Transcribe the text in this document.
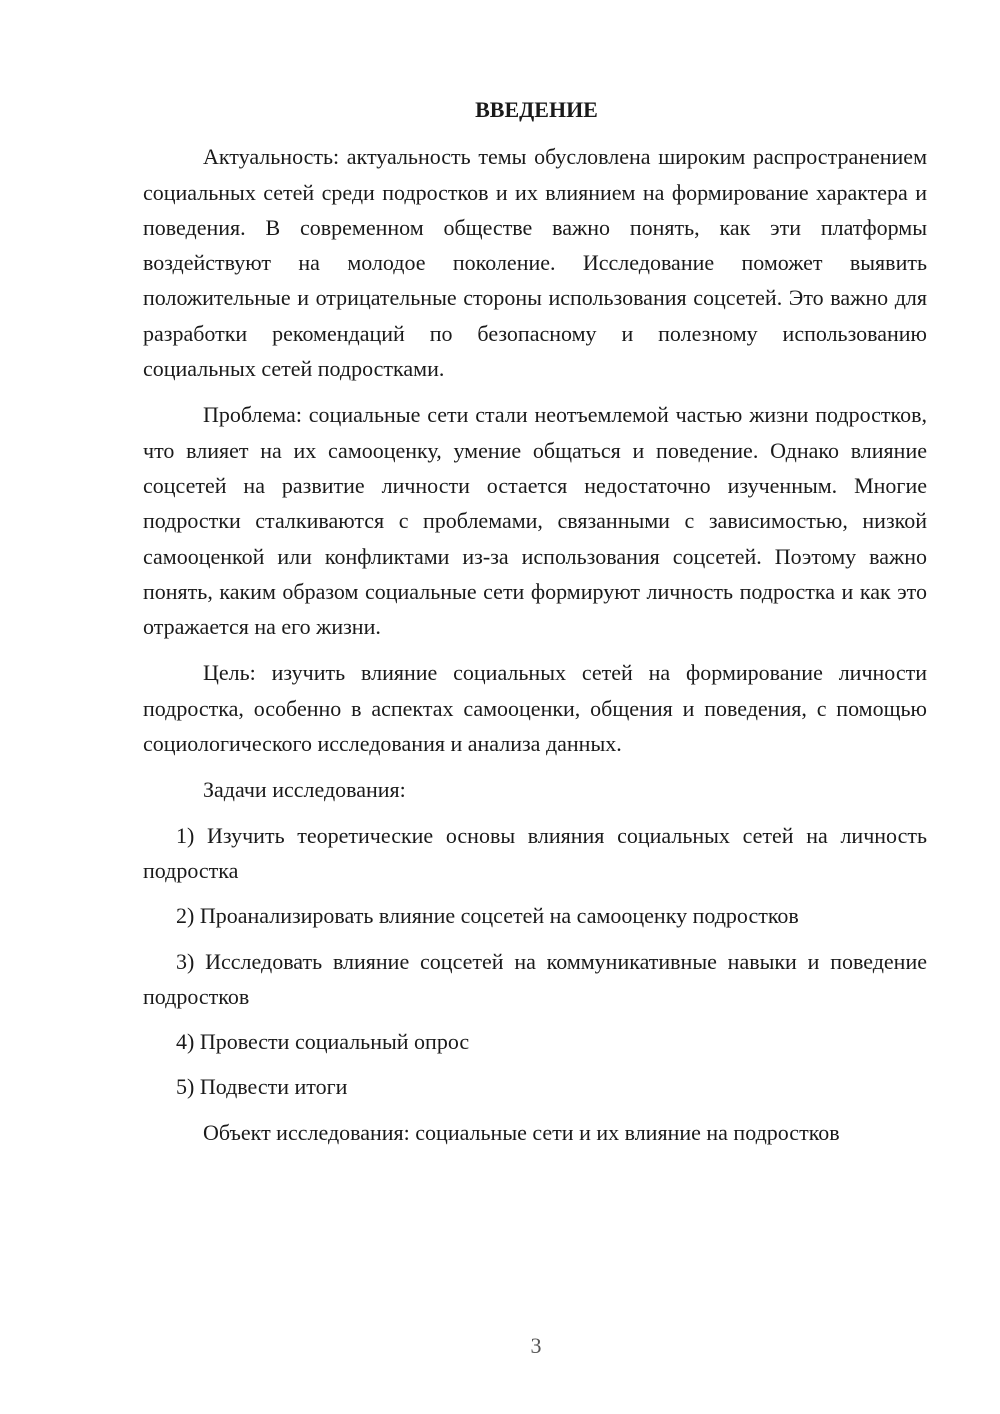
ВВЕДЕНИЕ

Актуальность: актуальность темы обусловлена широким распространением социальных сетей среди подростков и их влиянием на формирование характера и поведения. В современном обществе важно понять, как эти платформы воздействуют на молодое поколение. Исследование поможет выявить положительные и отрицательные стороны использования соцсетей. Это важно для разработки рекомендаций по безопасному и полезному использованию социальных сетей подростками.

Проблема: социальные сети стали неотъемлемой частью жизни подростков, что влияет на их самооценку, умение общаться и поведение. Однако влияние соцсетей на развитие личности остается недостаточно изученным. Многие подростки сталкиваются с проблемами, связанными с зависимостью, низкой самооценкой или конфликтами из-за использования соцсетей. Поэтому важно понять, каким образом социальные сети формируют личность подростка и как это отражается на его жизни.

Цель: изучить влияние социальных сетей на формирование личности подростка, особенно в аспектах самооценки, общения и поведения, с помощью социологического исследования и анализа данных.

Задачи исследования:

1) Изучить теоретические основы влияния социальных сетей на личность подростка

2) Проанализировать влияние соцсетей на самооценку подростков

3) Исследовать влияние соцсетей на коммуникативные навыки и поведение подростков

4) Провести социальный опрос

5) Подвести итоги

Объект исследования: социальные сети и их влияние на подростков

3
